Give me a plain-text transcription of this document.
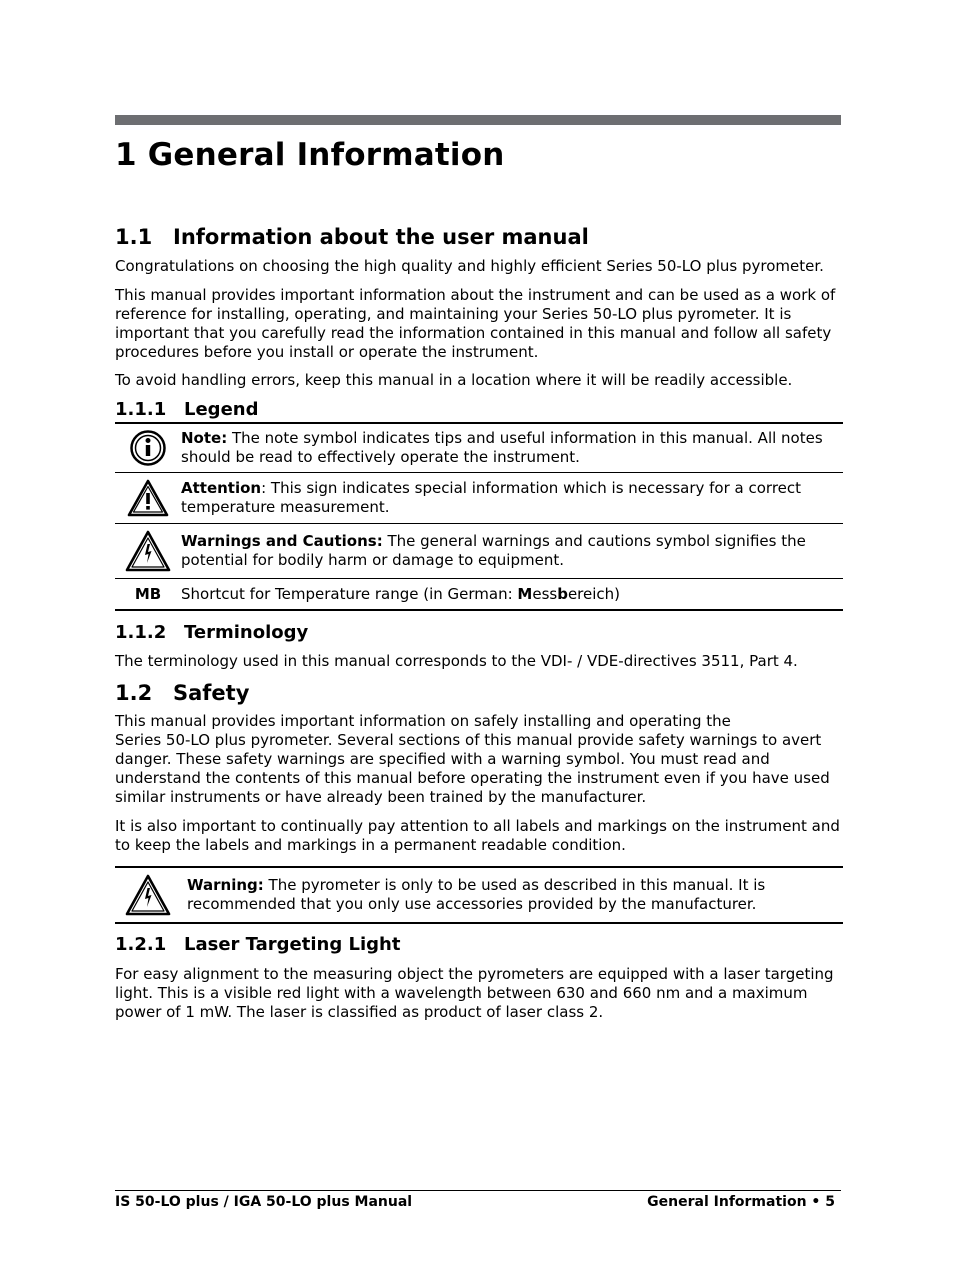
1 General Information
1.1 Information about the user manual

Congratulations on choosing the high quality and highly efficient Series 50-LO plus pyrometer.

This manual provides important information about the instrument and can be used as a work of reference for installing, operating, and maintaining your Series 50-LO plus pyrometer. It is important that you carefully read the information contained in this manual and follow all safety procedures before you install or operate the instrument.

To avoid handling errors, keep this manual in a location where it will be readily accessible.

1.1.1 Legend
Note: The note symbol indicates tips and useful information in this manual. All notes should be read to effectively operate the instrument.
Attention: This sign indicates special information which is necessary for a correct temperature measurement.
Warnings and Cautions: The general warnings and cautions symbol signifies the potential for bodily harm or damage to equipment.
MB Shortcut for Temperature range (in German: Messbereich)
1.1.2 Terminology

The terminology used in this manual corresponds to the VDI- / VDE-directives 3511, Part 4.

1.2 Safety

This manual provides important information on safely installing and operating the
Series 50-LO plus pyrometer. Several sections of this manual provide safety warnings to avert danger. These safety warnings are specified with a warning symbol. You must read and understand the contents of this manual before operating the instrument even if you have used similar instruments or have already been trained by the manufacturer.

It is also important to continually pay attention to all labels and markings on the instrument and to keep the labels and markings in a permanent readable condition.

Warning: The pyrometer is only to be used as described in this manual. It is recommended that you only use accessories provided by the manufacturer.
1.2.1 Laser Targeting Light

For easy alignment to the measuring object the pyrometers are equipped with a laser targeting light. This is a visible red light with a wavelength between 630 and 660 nm and a maximum power of 1 mW. The laser is classified as product of laser class 2.

IS 50-LO plus / IGA 50-LO plus Manual	General Information • 5
